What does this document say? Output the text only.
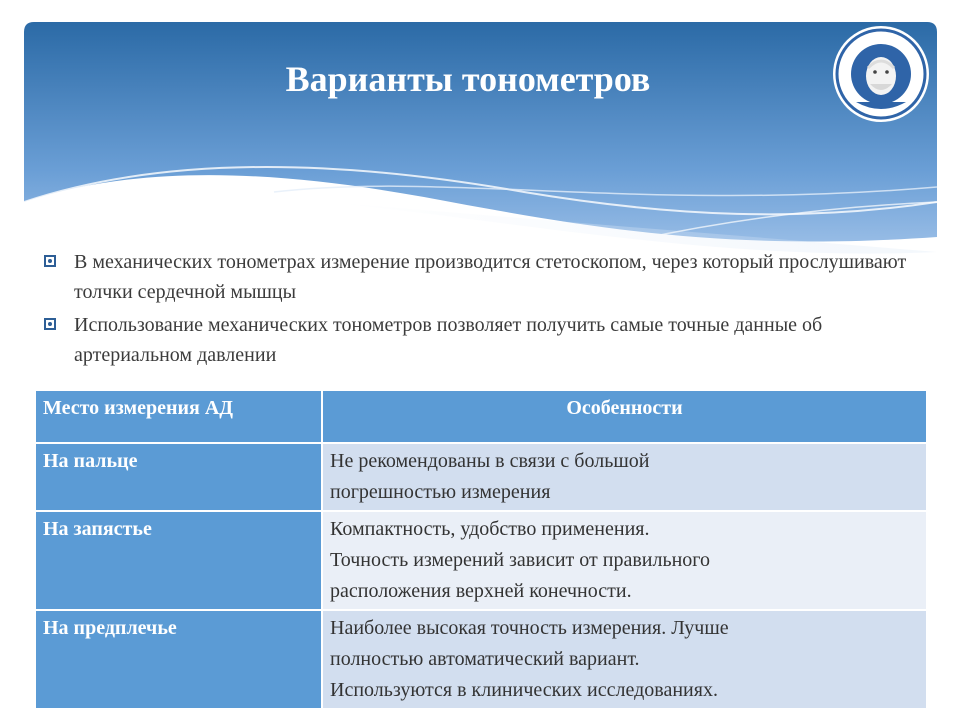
Варианты тонометров
В механических тонометрах измерение производится стетоскопом, через который прослушивают толчки сердечной мышцы
Использование механических тонометров позволяет получить самые точные данные об артериальном давлении
Место измерения АД	Особенности
На пальце	Не рекомендованы в связи с большой
погрешностью измерения

На запястье	Компактность, удобство применения.
Точность измерений зависит от правильного
расположения верхней конечности.

На предплечье	Наиболее высокая точность измерения. Лучше
полностью автоматический вариант.
Используются в клинических исследованиях.
